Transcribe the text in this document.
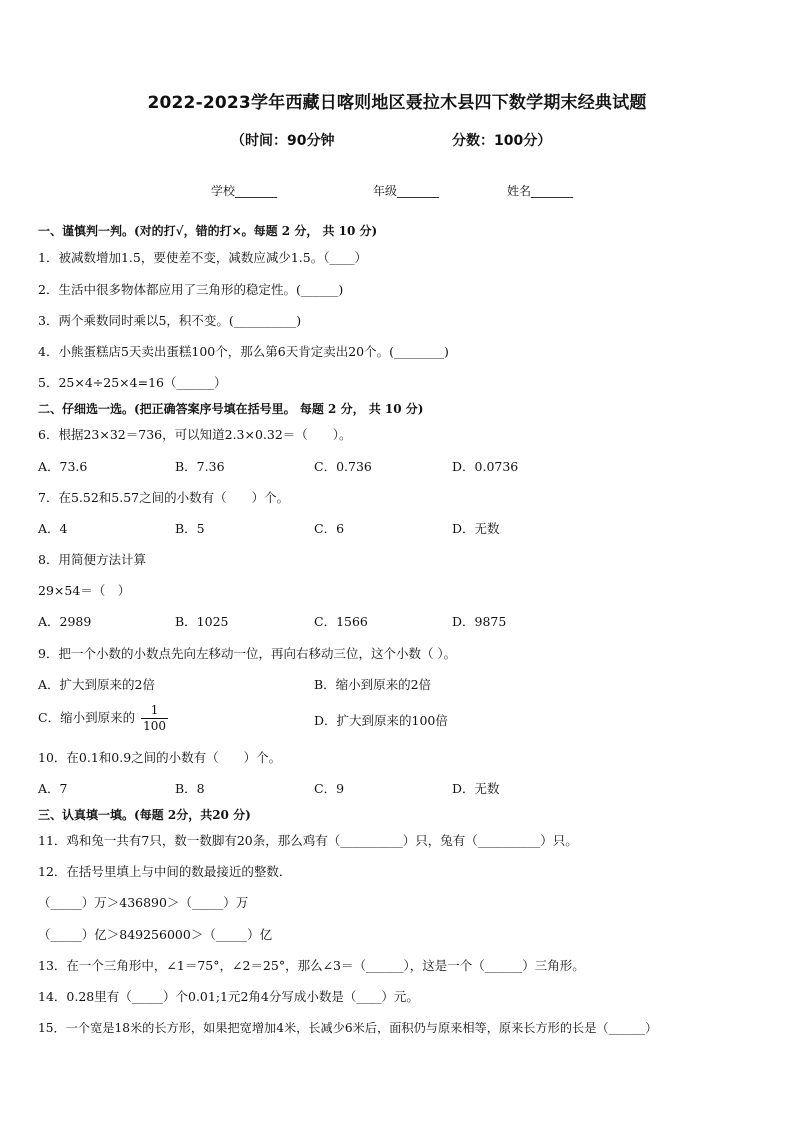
2022-2023学年西藏日喀则地区聂拉木县四下数学期末经典试题
（时间：90分钟	分数：100分）
学校_______	年级_______	姓名_______
一、谨慎判一判。(对的打√，错的打×。每题 2 分， 共 10 分)
1．被减数增加1.5，要使差不变，减数应减少1.5。（____）
2．生活中很多物体都应用了三角形的稳定性。(______)
3．两个乘数同时乘以5，积不变。(__________)
4．小熊蛋糕店5天卖出蛋糕100个，那么第6天肯定卖出20个。(________)
5．25×4÷25×4=16（______）
二、仔细选一选。(把正确答案序号填在括号里。 每题 2 分， 共 10 分)
6．根据23×32＝736，可以知道2.3×0.32＝（　　）。
A．73.6	B．7.36	C．0.736	D．0.0736
7．在5.52和5.57之间的小数有（　　）个。
A．4	B．5	C．6	D．无数
8．用简便方法计算
29×54＝（　）
A．2989	B．1025	C．1566	D．9875
9．把一个小数的小数点先向左移动一位，再向右移动三位，这个小数（ ）。
A．扩大到原来的2倍	B．缩小到原来的2倍
C．缩小到原来的 $\frac{1}{100}$	D．扩大到原来的100倍
10．在0.1和0.9之间的小数有（　　）个。
A．7	B．8	C．9	D．无数
三、认真填一填。(每题 2分，共20 分)
11．鸡和兔一共有7只，数一数脚有20条，那么鸡有（__________）只，兔有（__________）只。
12．在括号里填上与中间的数最接近的整数．
（_____）万＞436890＞（_____）万
（_____）亿＞849256000＞（_____）亿
13．在一个三角形中，∠1＝75°，∠2＝25°，那么∠3＝（______），这是一个（______）三角形。
14．0.28里有（_____）个0.01;1元2角4分写成小数是（____）元。
15．一个宽是18米的长方形，如果把宽增加4米，长减少6米后，面积仍与原来相等，原来长方形的长是（______）
